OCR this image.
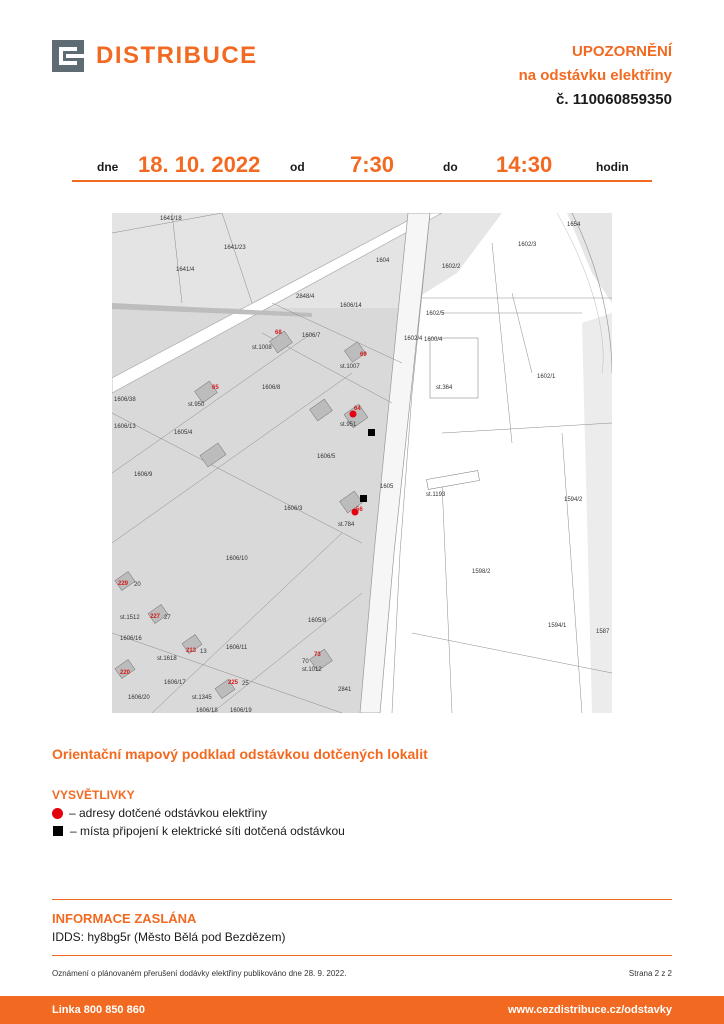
DISTRIBUCE	UPOZORNĚNÍ
na odstávku elektřiny
č. 110060859350
dne 18. 10. 2022 od 7:30	do 14:30	hodin
1641/18
1641/23
1641/4
1604
1602/2
1602/3
1654
2848/4
1606/14
1602/5
1602/4 1600/4
1606/7
st.1008
st.1007
1606/8	st.364
1602/1
1606/38
st.950
1606/13
1605/4
st.951
1606/5
1606/9
1605
st.1193
1594/2
1606/3
st.784
1606/10
1598/2
st.1512
1606/16
1594/1
1587
st.1618
1606/11
1605/8
st.1012
1606/17
st.1345
1606/20
2841
1606/18 1606/19
68
69
65
64
56
229
227
213
73
220
225
20
27
13
70
25
Orientační mapový podklad odstávkou dotčených lokalit
VYSVĚTLIVKY
– adresy dotčené odstávkou elektřiny
– místa připojení k elektrické síti dotčená odstávkou
INFORMACE ZASLÁNA
IDDS: hy8bg5r (Město Bělá pod Bezdězem)
Oznámení o plánovaném přerušení dodávky elektřiny publikováno dne 28. 9. 2022.	Strana 2 z 2
Linka 800 850 860	www.cezdistribuce.cz/odstavky
